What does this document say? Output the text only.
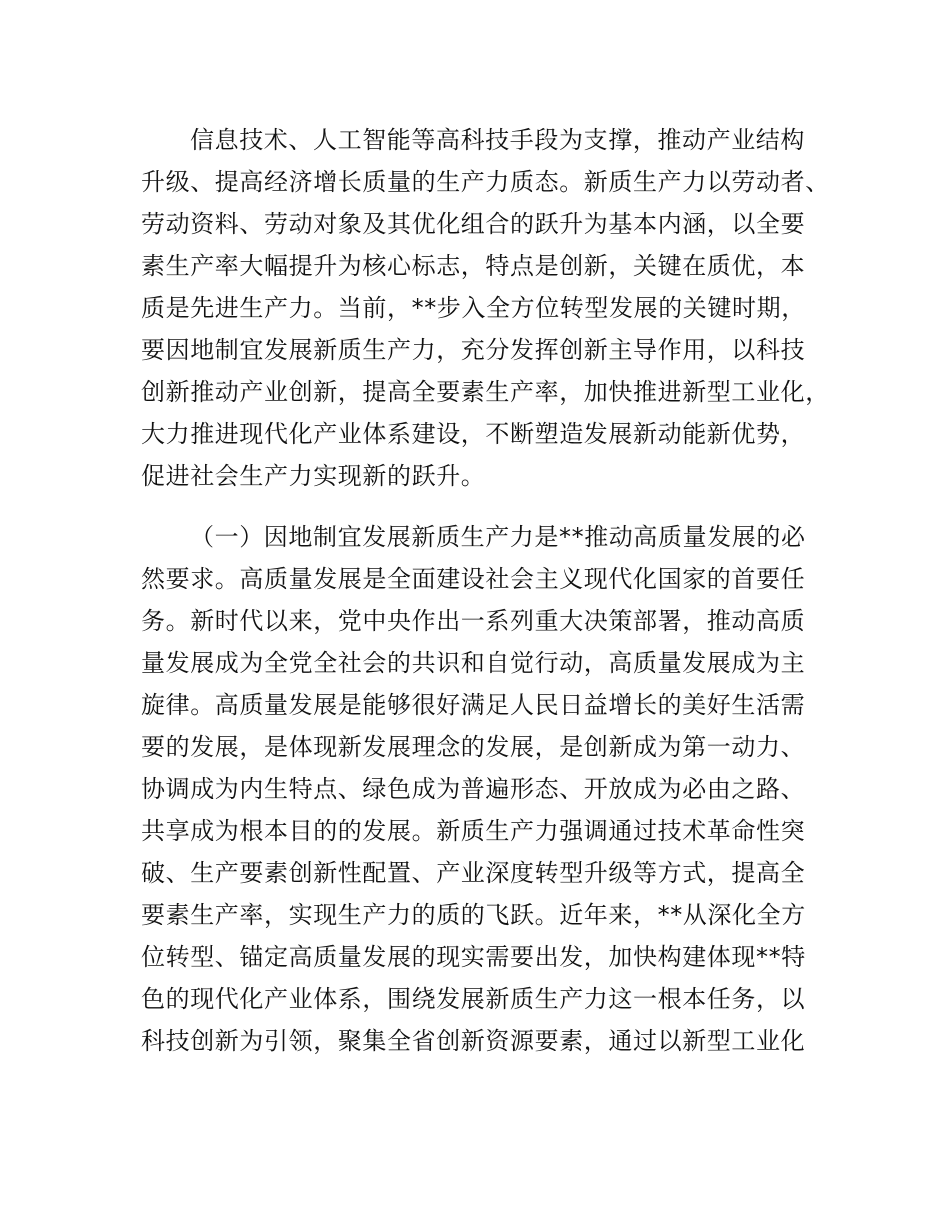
信息技术、人工智能等高科技手段为支撑，推动产业结构
升级、提高经济增长质量的生产力质态。新质生产力以劳动者、
劳动资料、劳动对象及其优化组合的跃升为基本内涵，以全要
素生产率大幅提升为核心标志，特点是创新，关键在质优，本
质是先进生产力。当前，**步入全方位转型发展的关键时期，
要因地制宜发展新质生产力，充分发挥创新主导作用，以科技
创新推动产业创新，提高全要素生产率，加快推进新型工业化，
大力推进现代化产业体系建设，不断塑造发展新动能新优势，
促进社会生产力实现新的跃升。
（一）因地制宜发展新质生产力是**推动高质量发展的必
然要求。高质量发展是全面建设社会主义现代化国家的首要任
务。新时代以来，党中央作出一系列重大决策部署，推动高质
量发展成为全党全社会的共识和自觉行动，高质量发展成为主
旋律。高质量发展是能够很好满足人民日益增长的美好生活需
要的发展，是体现新发展理念的发展，是创新成为第一动力、
协调成为内生特点、绿色成为普遍形态、开放成为必由之路、
共享成为根本目的的发展。新质生产力强调通过技术革命性突
破、生产要素创新性配置、产业深度转型升级等方式，提高全
要素生产率，实现生产力的质的飞跃。近年来，**从深化全方
位转型、锚定高质量发展的现实需要出发，加快构建体现**特
色的现代化产业体系，围绕发展新质生产力这一根本任务，以
科技创新为引领，聚集全省创新资源要素，通过以新型工业化
